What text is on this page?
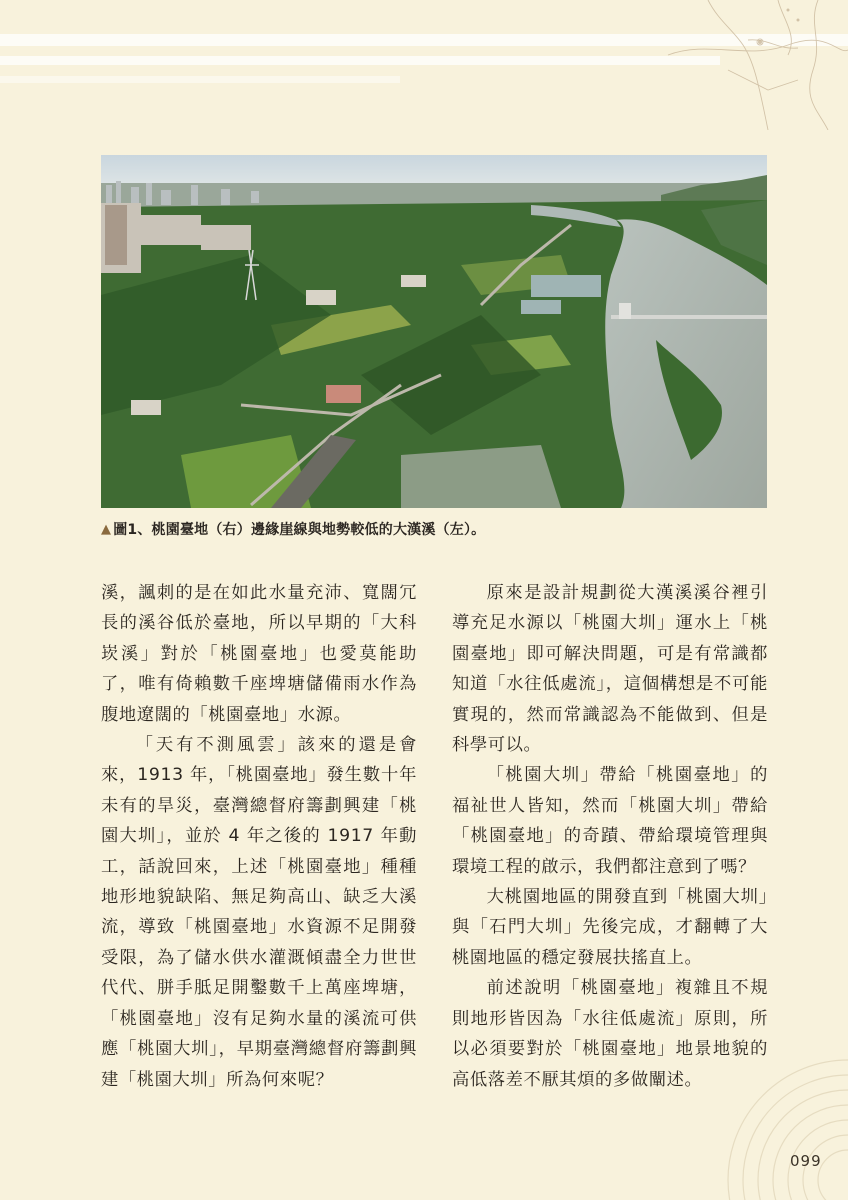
▲ 圖1、桃園臺地（右）邊緣崖線與地勢較低的大漢溪（左）。

溪，諷刺的是在如此水量充沛、寬闊冗長的溪谷低於臺地，所以早期的「大科崁溪」對於「桃園臺地」也愛莫能助了，唯有倚賴數千座埤塘儲備雨水作為腹地遼闊的「桃園臺地」水源。

「天有不測風雲」該來的還是會來，1913 年，「桃園臺地」發生數十年未有的旱災，臺灣總督府籌劃興建「桃園大圳」，並於 4 年之後的 1917 年動工，話說回來，上述「桃園臺地」種種地形地貌缺陷、無足夠高山、缺乏大溪流，導致「桃園臺地」水資源不足開發受限，為了儲水供水灌溉傾盡全力世世代代、胼手胝足開鑿數千上萬座埤塘，「桃園臺地」沒有足夠水量的溪流可供應「桃園大圳」，早期臺灣總督府籌劃興建「桃園大圳」所為何來呢？

原來是設計規劃從大漢溪溪谷裡引導充足水源以「桃園大圳」運水上「桃園臺地」即可解決問題，可是有常識都知道「水往低處流」，這個構想是不可能實現的，然而常識認為不能做到、但是科學可以。

「桃園大圳」帶給「桃園臺地」的福祉世人皆知，然而「桃園大圳」帶給「桃園臺地」的奇蹟、帶給環境管理與環境工程的啟示，我們都注意到了嗎？

大桃園地區的開發直到「桃園大圳」與「石門大圳」先後完成，才翻轉了大桃園地區的穩定發展扶搖直上。

前述說明「桃園臺地」複雜且不規則地形皆因為「水往低處流」原則，所以必須要對於「桃園臺地」地景地貌的高低落差不厭其煩的多做闡述。

099
